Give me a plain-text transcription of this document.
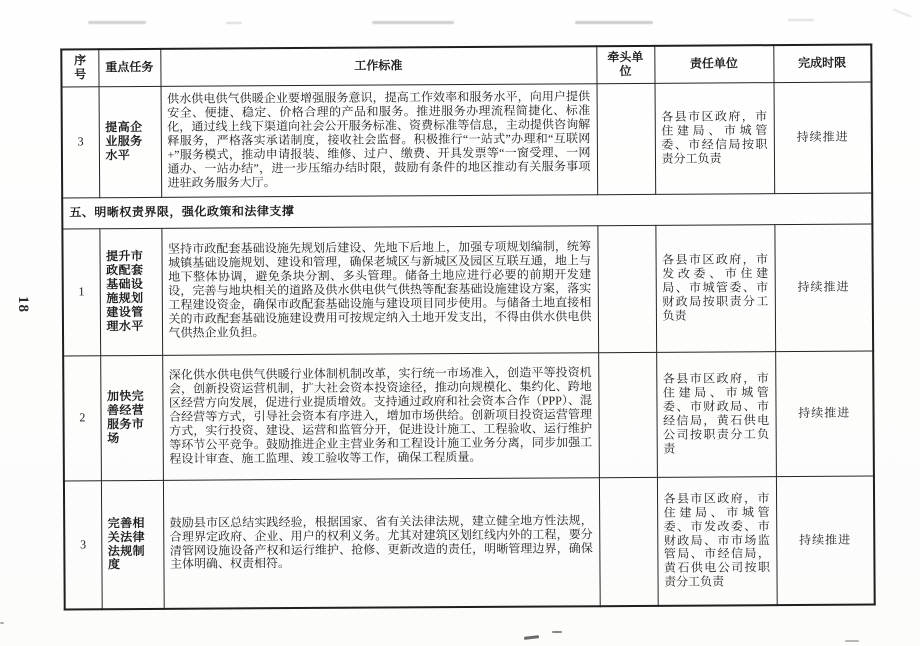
18
序号	重点任务	工作标准	牵头单位	责任单位	完成时限
3	提高企业服务水平	供水供电供气供暖企业要增强服务意识，提高工作效率和服务水平，向用户提供安全、便捷、稳定、价格合理的产品和服务。推进服务办理流程简捷化、标准化，通过线上线下渠道向社会公开服务标准、资费标准等信息，主动提供咨询解释服务，严格落实承诺制度，接收社会监督。积极推行“一站式”办理和“互联网+”服务模式，推动申请报装、维修、过户、缴费、开具发票等“一窗受理、一网通办、一站办结”，进一步压缩办结时限，鼓励有条件的地区推动有关服务事项进驻政务服务大厅。		各县市区政府，市住建局、市城管委、市经信局按职责分工负责	持续推进
五、明晰权责界限，强化政策和法律支撑					
1	提升市政配套基础设施规划建设管理水平	坚持市政配套基础设施先规划后建设、先地下后地上，加强专项规划编制，统筹城镇基础设施规划、建设和管理，确保老城区与新城区及园区互联互通，地上与地下整体协调，避免条块分割、多头管理。储备土地应进行必要的前期开发建设，完善与地块相关的道路及供水供电供气供热等配套基础设施建设方案，落实工程建设资金，确保市政配套基础设施与建设项目同步使用。与储备土地直接相关的市政配套基础设施建设费用可按规定纳入土地开发支出，不得由供水供电供气供热企业负担。		各县市区政府，市发改委、市住建局、市城管委、市财政局按职责分工负责	持续推进
2	加快完善经营服务市场	深化供水供电供气供暖行业体制机制改革，实行统一市场准入，创造平等投资机会，创新投资运营机制，扩大社会资本投资途径，推动向规模化、集约化、跨地区经营方向发展，促进行业提质增效。支持通过政府和社会资本合作（PPP）、混合经营等方式，引导社会资本有序进入，增加市场供给。创新项目投资运营管理方式，实行投资、建设、运营和监管分开，促进设计施工、工程验收、运行维护等环节公平竞争。鼓励推进企业主营业务和工程设计施工业务分离，同步加强工程设计审查、施工监理、竣工验收等工作，确保工程质量。		各县市区政府，市住建局、市城管委、市财政局、市经信局，黄石供电公司按职责分工负责	持续推进
3	完善相关法律法规制度	鼓励县市区总结实践经验，根据国家、省有关法律法规，建立健全地方性法规，合理界定政府、企业、用户的权利义务。尤其对建筑区划红线内外的工程，要分清管网设施设备产权和运行维护、抢修、更新改造的责任，明晰管理边界，确保主体明确、权责相符。		各县市区政府，市住建局、市城管委、市发改委、市财政局、市市场监管局、市经信局，黄石供电公司按职责分工负责	持续推进
